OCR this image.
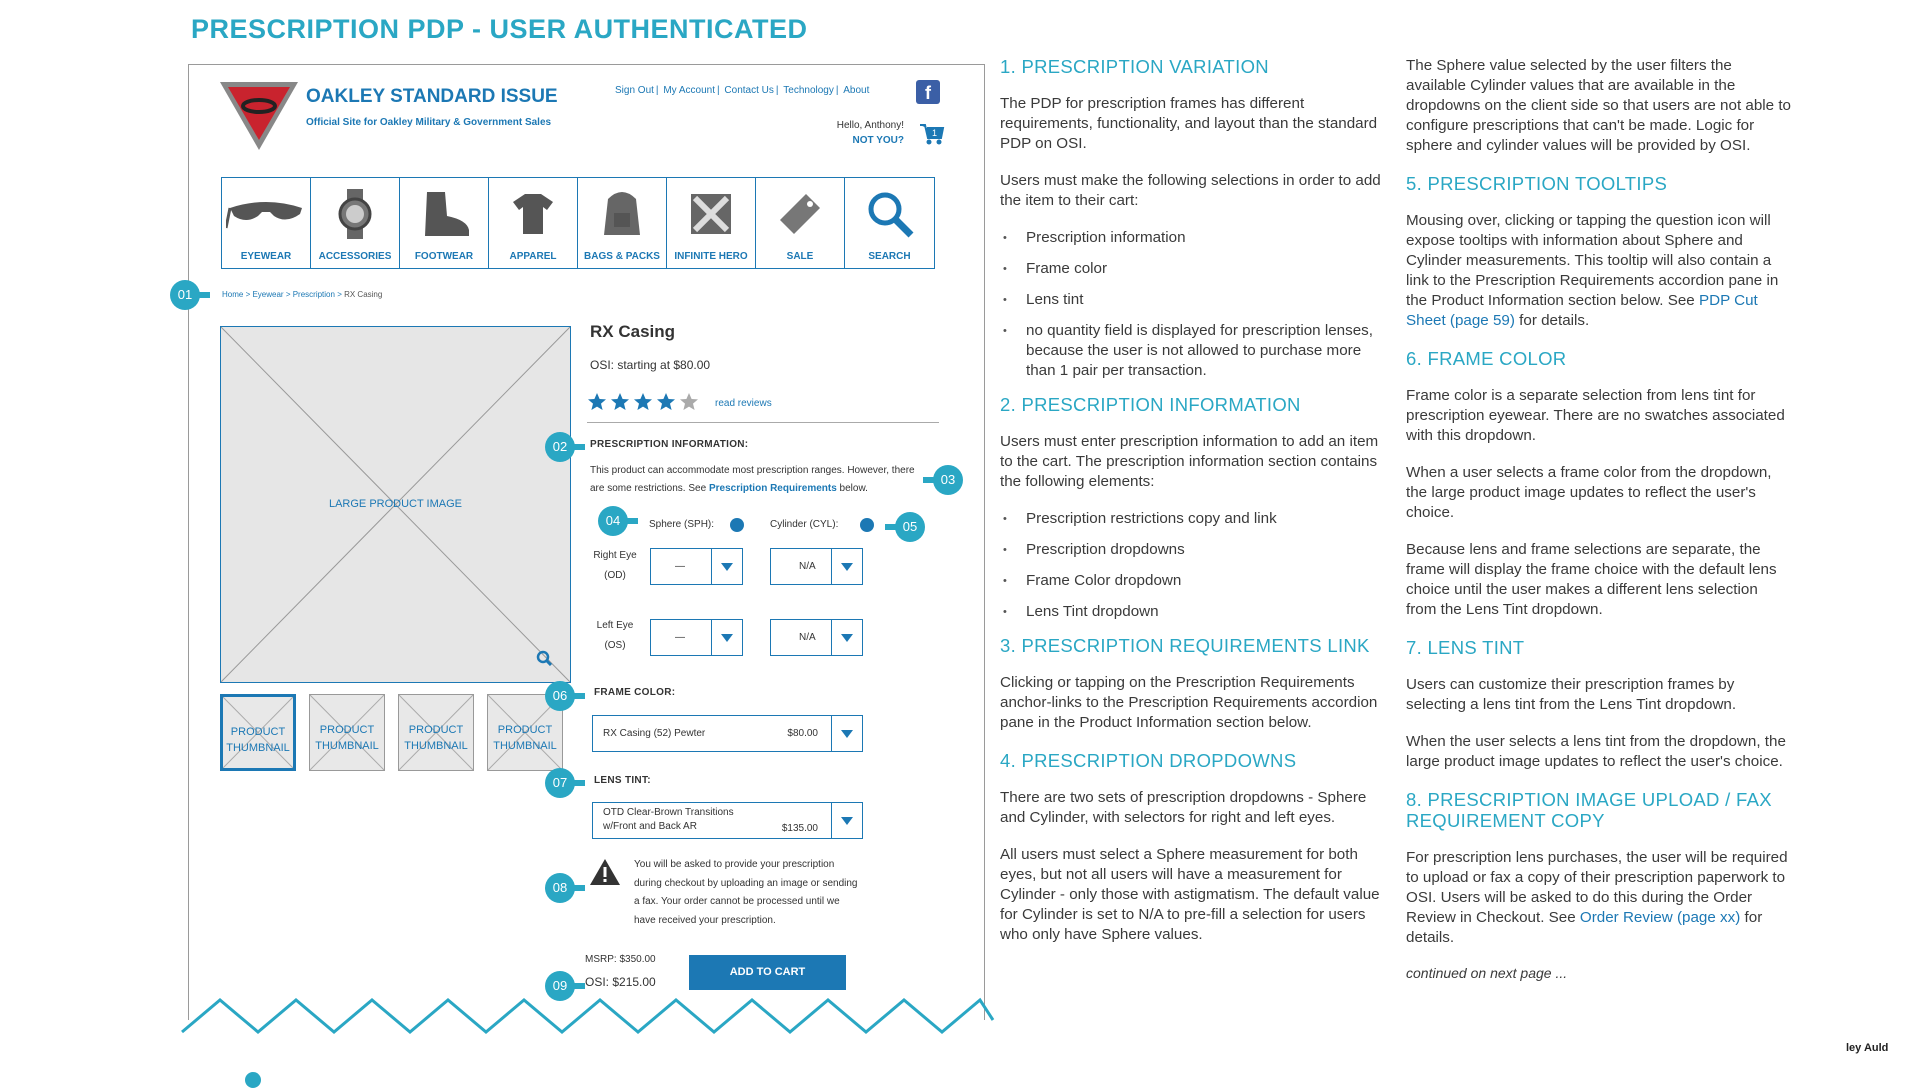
PRESCRIPTION PDP - USER AUTHENTICATED
OAKLEY STANDARD ISSUE
Official Site for Oakley Military & Government Sales
Sign Out | My Account | Contact Us | Technology | About	f
Hello, Anthony!
NOT YOU?
1
EYEWEAR	ACCESSORIES	FOOTWEAR	APPAREL	BAGS & PACKS	INFINITE HERO	SALE	SEARCH
Home > Eyewear > Prescription > RX Casing
LARGE PRODUCT IMAGE
PRODUCT THUMBNAIL
PRODUCT THUMBNAIL
PRODUCT THUMBNAIL
PRODUCT THUMBNAIL
RX Casing
OSI: starting at $80.00
read reviews
PRESCRIPTION INFORMATION:
This product can accommodate most prescription ranges. However, there are some restrictions. See Prescription Requirements below.
Sphere (SPH):	Cylinder (CYL):
Right Eye
(OD)
—	N/A
Left Eye
(OS)
—	N/A
FRAME COLOR:
RX Casing (52) Pewter	$80.00
LENS TINT:
OTD Clear-Brown Transitions w/Front and Back AR	$135.00
You will be asked to provide your prescription during checkout by uploading an image or sending a fax. Your order cannot be processed until we have received your prescription.
MSRP: $350.00
OSI: $215.00
ADD TO CART
01
02
03
04	05
06
07
08
09
1. PRESCRIPTION VARIATION
The PDP for prescription frames has different requirements, functionality, and layout than the standard PDP on OSI.
Users must make the following selections in order to add the item to their cart:
• Prescription information
• Frame color
• Lens tint
• no quantity field is displayed for prescription lenses, because the user is not allowed to purchase more than 1 pair per transaction.
2. PRESCRIPTION INFORMATION
Users must enter prescription information to add an item to the cart. The prescription information section contains the following elements:
• Prescription restrictions copy and link
• Prescription dropdowns
• Frame Color dropdown
• Lens Tint dropdown
3. PRESCRIPTION REQUIREMENTS LINK
Clicking or tapping on the Prescription Requirements anchor-links to the Prescription Requirements accordion pane in the Product Information section below.
4. PRESCRIPTION DROPDOWNS
There are two sets of prescription dropdowns - Sphere and Cylinder, with selectors for right and left eyes.
All users must select a Sphere measurement for both eyes, but not all users will have a measurement for Cylinder - only those with astigmatism. The default value for Cylinder is set to N/A to pre-fill a selection for users who only have Sphere values.
The Sphere value selected by the user filters the available Cylinder values that are available in the dropdowns on the client side so that users are not able to configure prescriptions that can't be made. Logic for sphere and cylinder values will be provided by OSI.
5. PRESCRIPTION TOOLTIPS
Mousing over, clicking or tapping the question icon will expose tooltips with information about Sphere and Cylinder measurements. This tooltip will also contain a link to the Prescription Requirements accordion pane in the Product Information section below. See PDP Cut Sheet (page 59) for details.
6. FRAME COLOR
Frame color is a separate selection from lens tint for prescription eyewear. There are no swatches associated with this dropdown.
When a user selects a frame color from the dropdown, the large product image updates to reflect the user's choice.
Because lens and frame selections are separate, the frame will display the frame choice with the default lens choice until the user makes a different lens selection from the Lens Tint dropdown.
7. LENS TINT
Users can customize their prescription frames by selecting a lens tint from the Lens Tint dropdown.
When the user selects a lens tint from the dropdown, the large product image updates to reflect the user's choice.
8. PRESCRIPTION IMAGE UPLOAD / FAX REQUIREMENT COPY
For prescription lens purchases, the user will be required to upload or fax a copy of their prescription paperwork to OSI. Users will be asked to do this during the Order Review in Checkout. See Order Review (page xx) for details.
continued on next page ...
ley Auld
